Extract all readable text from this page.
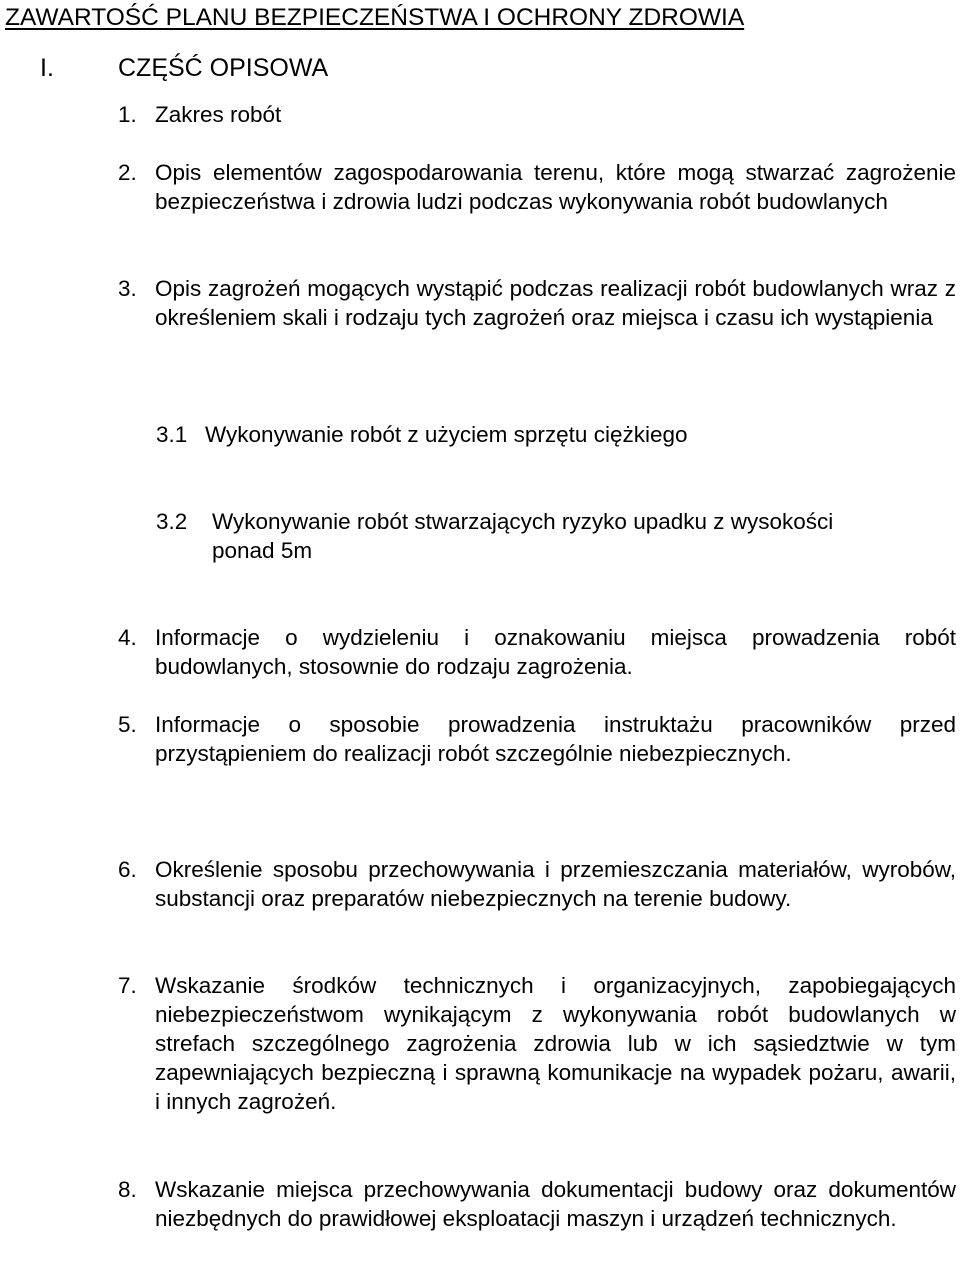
ZAWARTOŚĆ PLANU BEZPIECZEŃSTWA I OCHRONY ZDROWIA
I.	CZĘŚĆ OPISOWA
1. Zakres robót
2. Opis elementów zagospodarowania terenu, które mogą stwarzać zagrożenie bezpieczeństwa i zdrowia ludzi podczas wykonywania robót budowlanych
3. Opis zagrożeń mogących wystąpić podczas realizacji robót budowlanych wraz z określeniem skali i rodzaju tych zagrożeń oraz miejsca i czasu ich wystąpienia
3.1 Wykonywanie robót z użyciem sprzętu ciężkiego
3.2 Wykonywanie robót stwarzających ryzyko upadku z wysokości ponad 5m
4. Informacje o wydzieleniu i oznakowaniu miejsca prowadzenia robót budowlanych, stosownie do rodzaju zagrożenia.
5. Informacje o sposobie prowadzenia instruktażu pracowników przed przystąpieniem do realizacji robót szczególnie niebezpiecznych.
6. Określenie sposobu przechowywania i przemieszczania materiałów, wyrobów, substancji oraz preparatów niebezpiecznych na terenie budowy.
7. Wskazanie środków technicznych i organizacyjnych, zapobiegających niebezpieczeństwom wynikającym z wykonywania robót budowlanych w strefach szczególnego zagrożenia zdrowia lub w ich sąsiedztwie w tym zapewniających bezpieczną i sprawną komunikacje na wypadek pożaru, awarii, i innych zagrożeń.
8. Wskazanie miejsca przechowywania dokumentacji budowy oraz dokumentów niezbędnych do prawidłowej eksploatacji maszyn i urządzeń technicznych.
